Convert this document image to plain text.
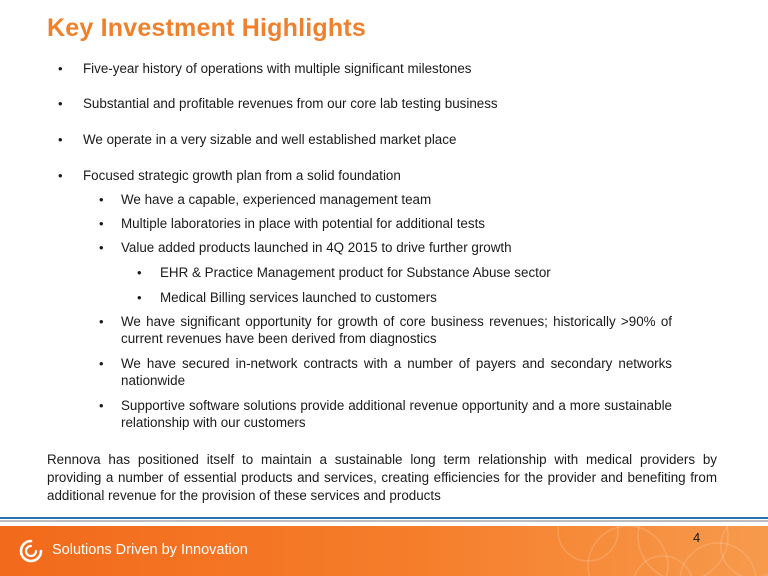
Key Investment Highlights
• Five-year history of operations with multiple significant milestones
• Substantial and profitable revenues from our core lab testing business
• We operate in a very sizable and well established market place
• Focused strategic growth plan from a solid foundation
• We have a capable, experienced management team
• Multiple laboratories in place with potential for additional tests
• Value added products launched in 4Q 2015 to drive further growth
• EHR & Practice Management product for Substance Abuse sector
• Medical Billing services launched to customers
• We have significant opportunity for growth of core business revenues; historically >90% of current revenues have been derived from diagnostics
• We have secured in-network contracts with a number of payers and secondary networks nationwide
• Supportive software solutions provide additional revenue opportunity and a more sustainable relationship with our customers
Rennova has positioned itself to maintain a sustainable long term relationship with medical providers by providing a number of essential products and services, creating efficiencies for the provider and benefiting from additional revenue for the provision of these services and products
Solutions Driven by Innovation
4
